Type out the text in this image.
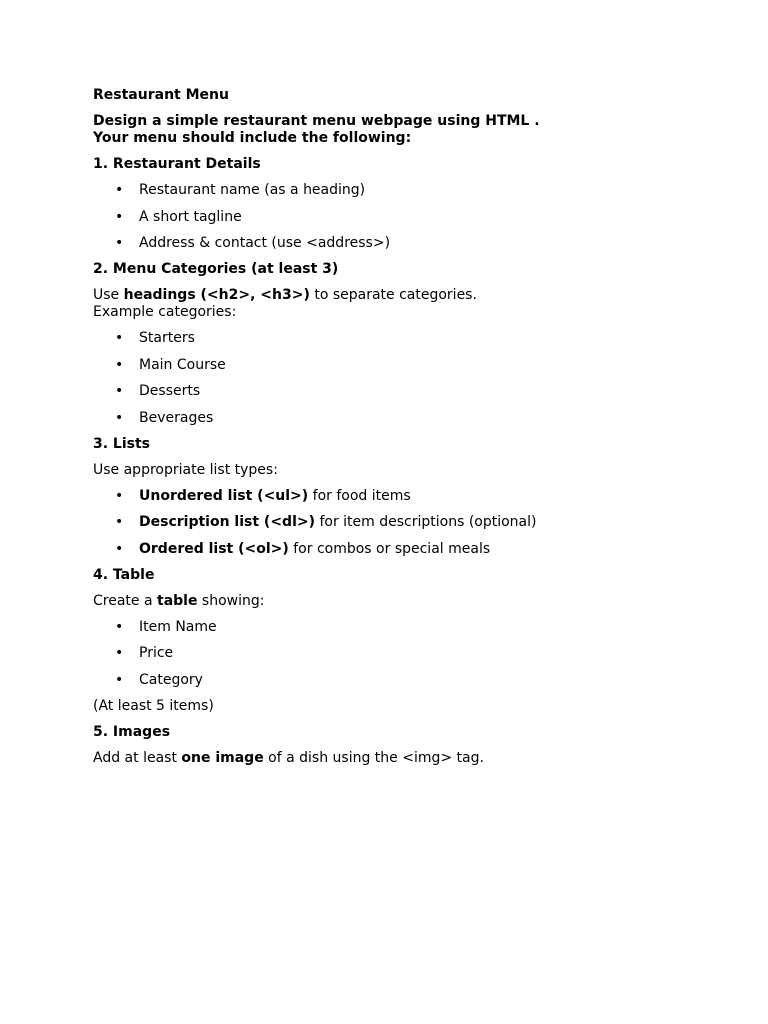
Restaurant Menu
Design a simple restaurant menu webpage using HTML .
Your menu should include the following:
1. Restaurant Details
• Restaurant name (as a heading)
• A short tagline
• Address & contact (use <address>)
2. Menu Categories (at least 3)
Use headings (<h2>, <h3>) to separate categories.
Example categories:
• Starters
• Main Course
• Desserts
• Beverages
3. Lists
Use appropriate list types:
• Unordered list (<ul>) for food items
• Description list (<dl>) for item descriptions (optional)
• Ordered list (<ol>) for combos or special meals
4. Table
Create a table showing:
• Item Name
• Price
• Category
(At least 5 items)
5. Images
Add at least one image of a dish using the <img> tag.
